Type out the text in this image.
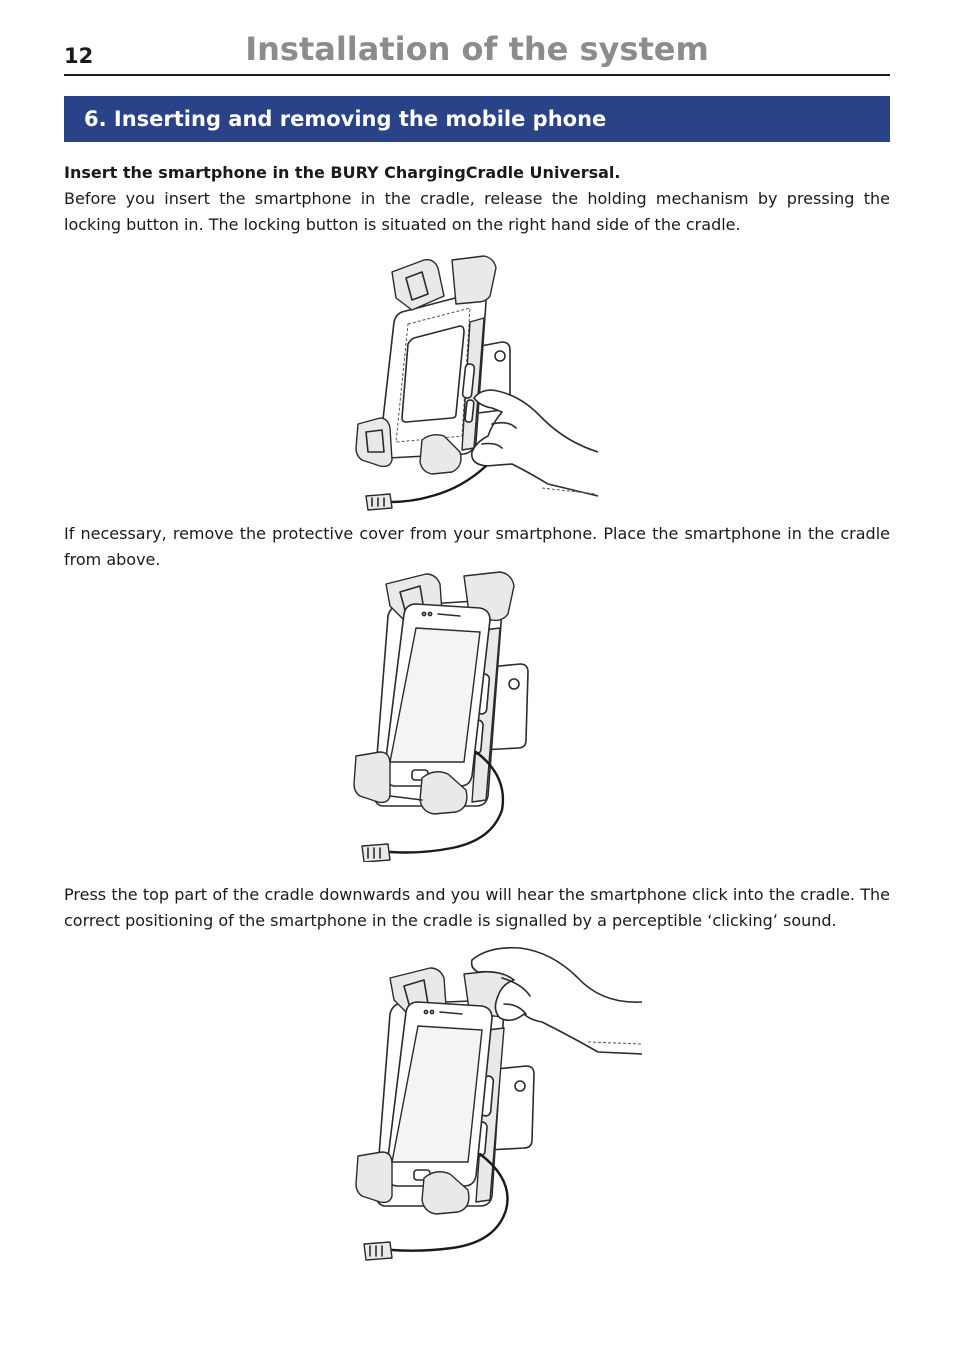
12	Installation of the system
6. Inserting and removing the mobile phone
Insert the smartphone in the BURY ChargingCradle Universal.
Before you insert the smartphone in the cradle, release the holding mechanism by pressing the locking button in. The locking button is situated on the right hand side of the cradle.
If necessary, remove the protective cover from your smartphone. Place the smartphone in the cradle from above.
Press the top part of the cradle downwards and you will hear the smartphone click into the cradle. The correct positioning of the smartphone in the cradle is signalled by a perceptible ‘clicking’ sound.
